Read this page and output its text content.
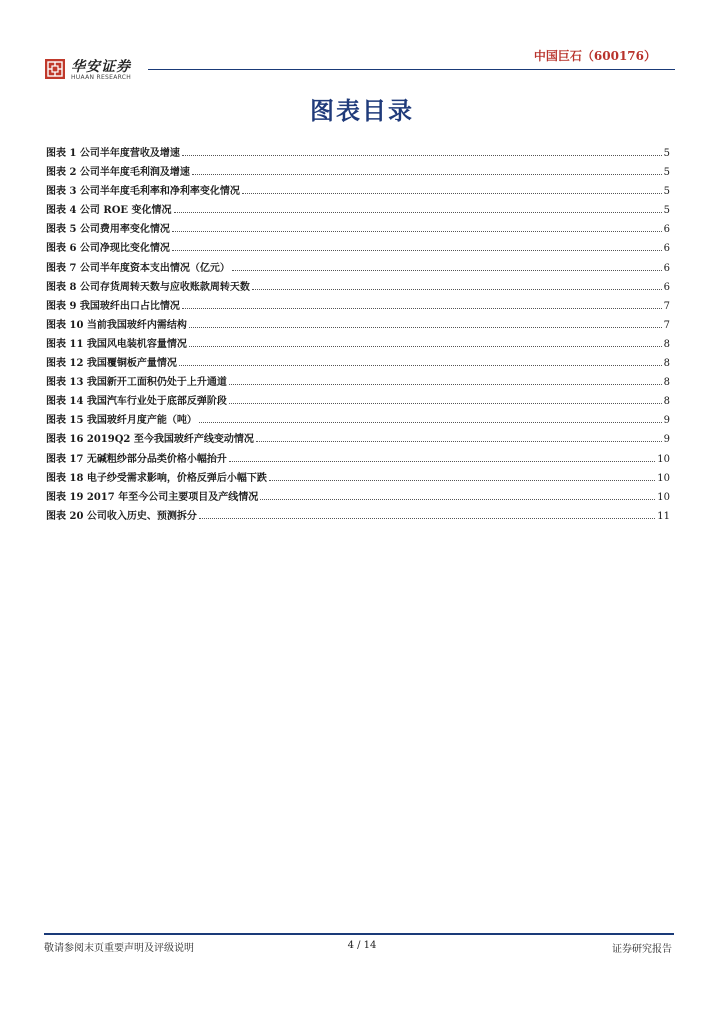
华安证券
HUAAN RESEARCH
中国巨石（600176）
图表目录
图表 1 公司半年度营收及增速	5
图表 2 公司半年度毛利润及增速	5
图表 3 公司半年度毛利率和净利率变化情况	5
图表 4 公司 ROE 变化情况	5
图表 5 公司费用率变化情况	6
图表 6 公司净现比变化情况	6
图表 7 公司半年度资本支出情况（亿元）	6
图表 8 公司存货周转天数与应收账款周转天数	6
图表 9 我国玻纤出口占比情况	7
图表 10 当前我国玻纤内需结构	7
图表 11 我国风电装机容量情况	8
图表 12 我国覆铜板产量情况	8
图表 13 我国新开工面积仍处于上升通道	8
图表 14 我国汽车行业处于底部反弹阶段	8
图表 15 我国玻纤月度产能（吨）	9
图表 16 2019Q2 至今我国玻纤产线变动情况	9
图表 17 无碱粗纱部分品类价格小幅抬升	10
图表 18 电子纱受需求影响，价格反弹后小幅下跌	10
图表 19 2017 年至今公司主要项目及产线情况	10
图表 20 公司收入历史、预测拆分	11
敬请参阅末页重要声明及评级说明	4 / 14	证券研究报告
